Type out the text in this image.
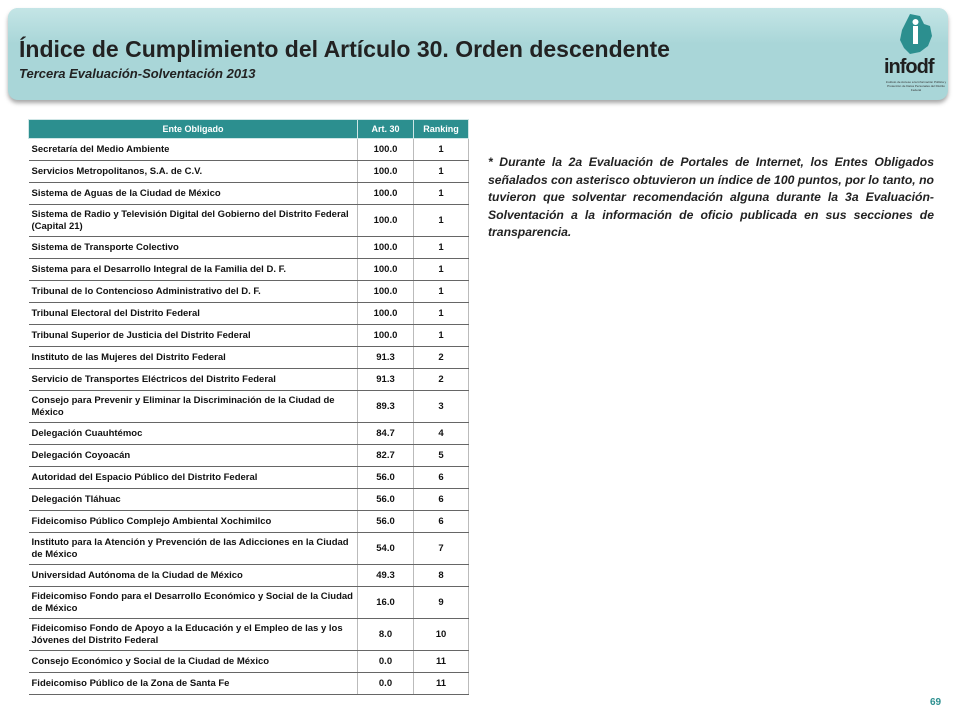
Índice de Cumplimiento del Artículo 30. Orden descendente
Tercera Evaluación-Solventación 2013	infodf
Instituto de Acceso a la Información Pública y Protección de Datos Personales del Distrito Federal
Ente Obligado	Art. 30	Ranking
Secretaría del Medio Ambiente	100.0	1
Servicios Metropolitanos, S.A. de C.V.	100.0	1
Sistema de Aguas de la Ciudad de México	100.0	1
Sistema de Radio y Televisión Digital del Gobierno del Distrito Federal (Capital 21)	100.0	1
Sistema de Transporte Colectivo	100.0	1
Sistema para el Desarrollo Integral de la Familia del D. F.	100.0	1
Tribunal de lo Contencioso Administrativo del D. F.	100.0	1
Tribunal Electoral del Distrito Federal	100.0	1
Tribunal Superior de Justicia del Distrito Federal	100.0	1
Instituto de las Mujeres del Distrito Federal	91.3	2
Servicio de Transportes Eléctricos del Distrito Federal	91.3	2
Consejo para Prevenir y Eliminar la Discriminación de la Ciudad de México	89.3	3
Delegación Cuauhtémoc	84.7	4
Delegación Coyoacán	82.7	5
Autoridad del Espacio Público del Distrito Federal	56.0	6
Delegación Tláhuac	56.0	6
Fideicomiso Público Complejo Ambiental Xochimilco	56.0	6
Instituto para la Atención y Prevención de las Adicciones en la Ciudad de México	54.0	7
Universidad Autónoma de la Ciudad de México	49.3	8
Fideicomiso Fondo para el Desarrollo Económico y Social de la Ciudad de México	16.0	9
Fideicomiso Fondo de Apoyo a la Educación y el Empleo de las y los Jóvenes del Distrito Federal	8.0	10
Consejo Económico y Social de la Ciudad de México	0.0	11
Fideicomiso Público de la Zona de Santa Fe	0.0	11
* Durante la 2a Evaluación de Portales de Internet, los Entes Obligados señalados con asterisco obtuvieron un índice de 100 puntos, por lo tanto, no tuvieron que solventar recomendación alguna durante la 3a Evaluación-Solventación a la información de oficio publicada en sus secciones de transparencia.
69
